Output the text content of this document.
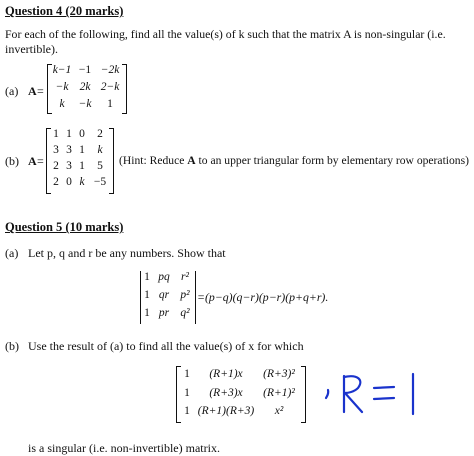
Question 4 (20 marks)
For each of the following, find all the value(s) of k such that the matrix A is non-singular (i.e.
invertible).
(a) A =
k−1 −1 −2k
−k 2k 2−k
k	−k	1
(b) A =
1 1 0	2
3 3 1	k
2 3 1	5
2 0 k −5
(Hint: Reduce A to an upper triangular form by elementary row operations)
Question 5 (10 marks)
(a) Let p, q and r be any numbers. Show that
1 pq r²
1 qr p²
1 pr q²
=(p−q)(q−r)(p−r)(p+q+r).
(b) Use the result of (a) to find all the value(s) of x for which
1	(R+1)x	(R+3)²
1	(R+3)x	(R+1)²
1 (R+1)(R+3)	x²
is a singular (i.e. non-invertible) matrix.
